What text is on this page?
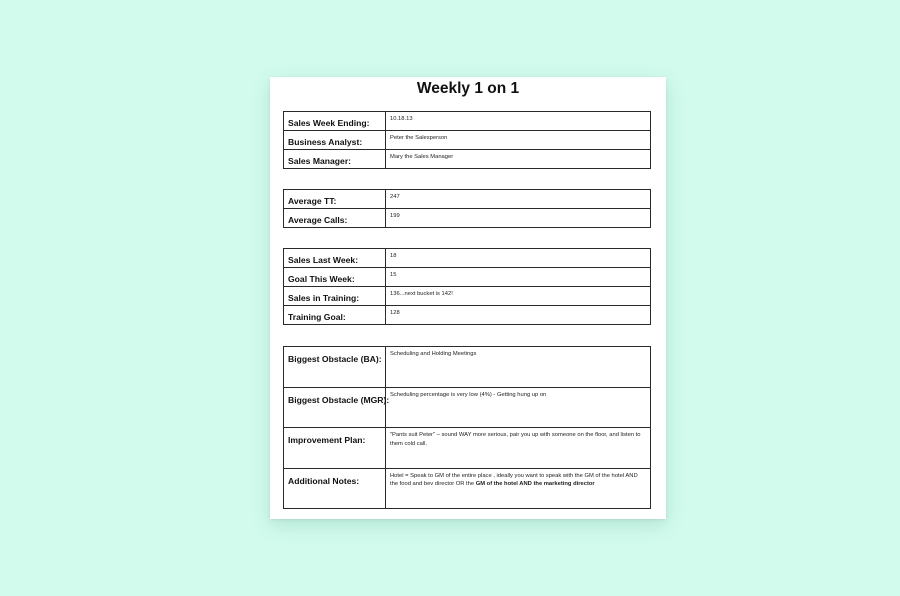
Weekly 1 on 1
Sales Week Ending:	10.18.13
Business Analyst:	Peter the Salesperson
Sales Manager:	Mary the Sales Manager
Average TT:	247
Average Calls:	199
Sales Last Week:	18
Goal This Week:	15
Sales in Training:	136...next bucket is 142!
Training Goal:	128
Biggest Obstacle (BA):	Scheduling and Holding Meetings
Biggest Obstacle (MGR):	Scheduling percentage is very low (4%) - Getting hung up on
Improvement Plan:	"Pants suit Peter" – sound WAY more serious, pair you up with someone on the floor, and listen to them cold call.
Additional Notes:	Hotel = Speak to GM of the entire place , ideally you want to speak with the GM of the hotel AND the food and bev director OR the GM of the hotel AND the marketing director
